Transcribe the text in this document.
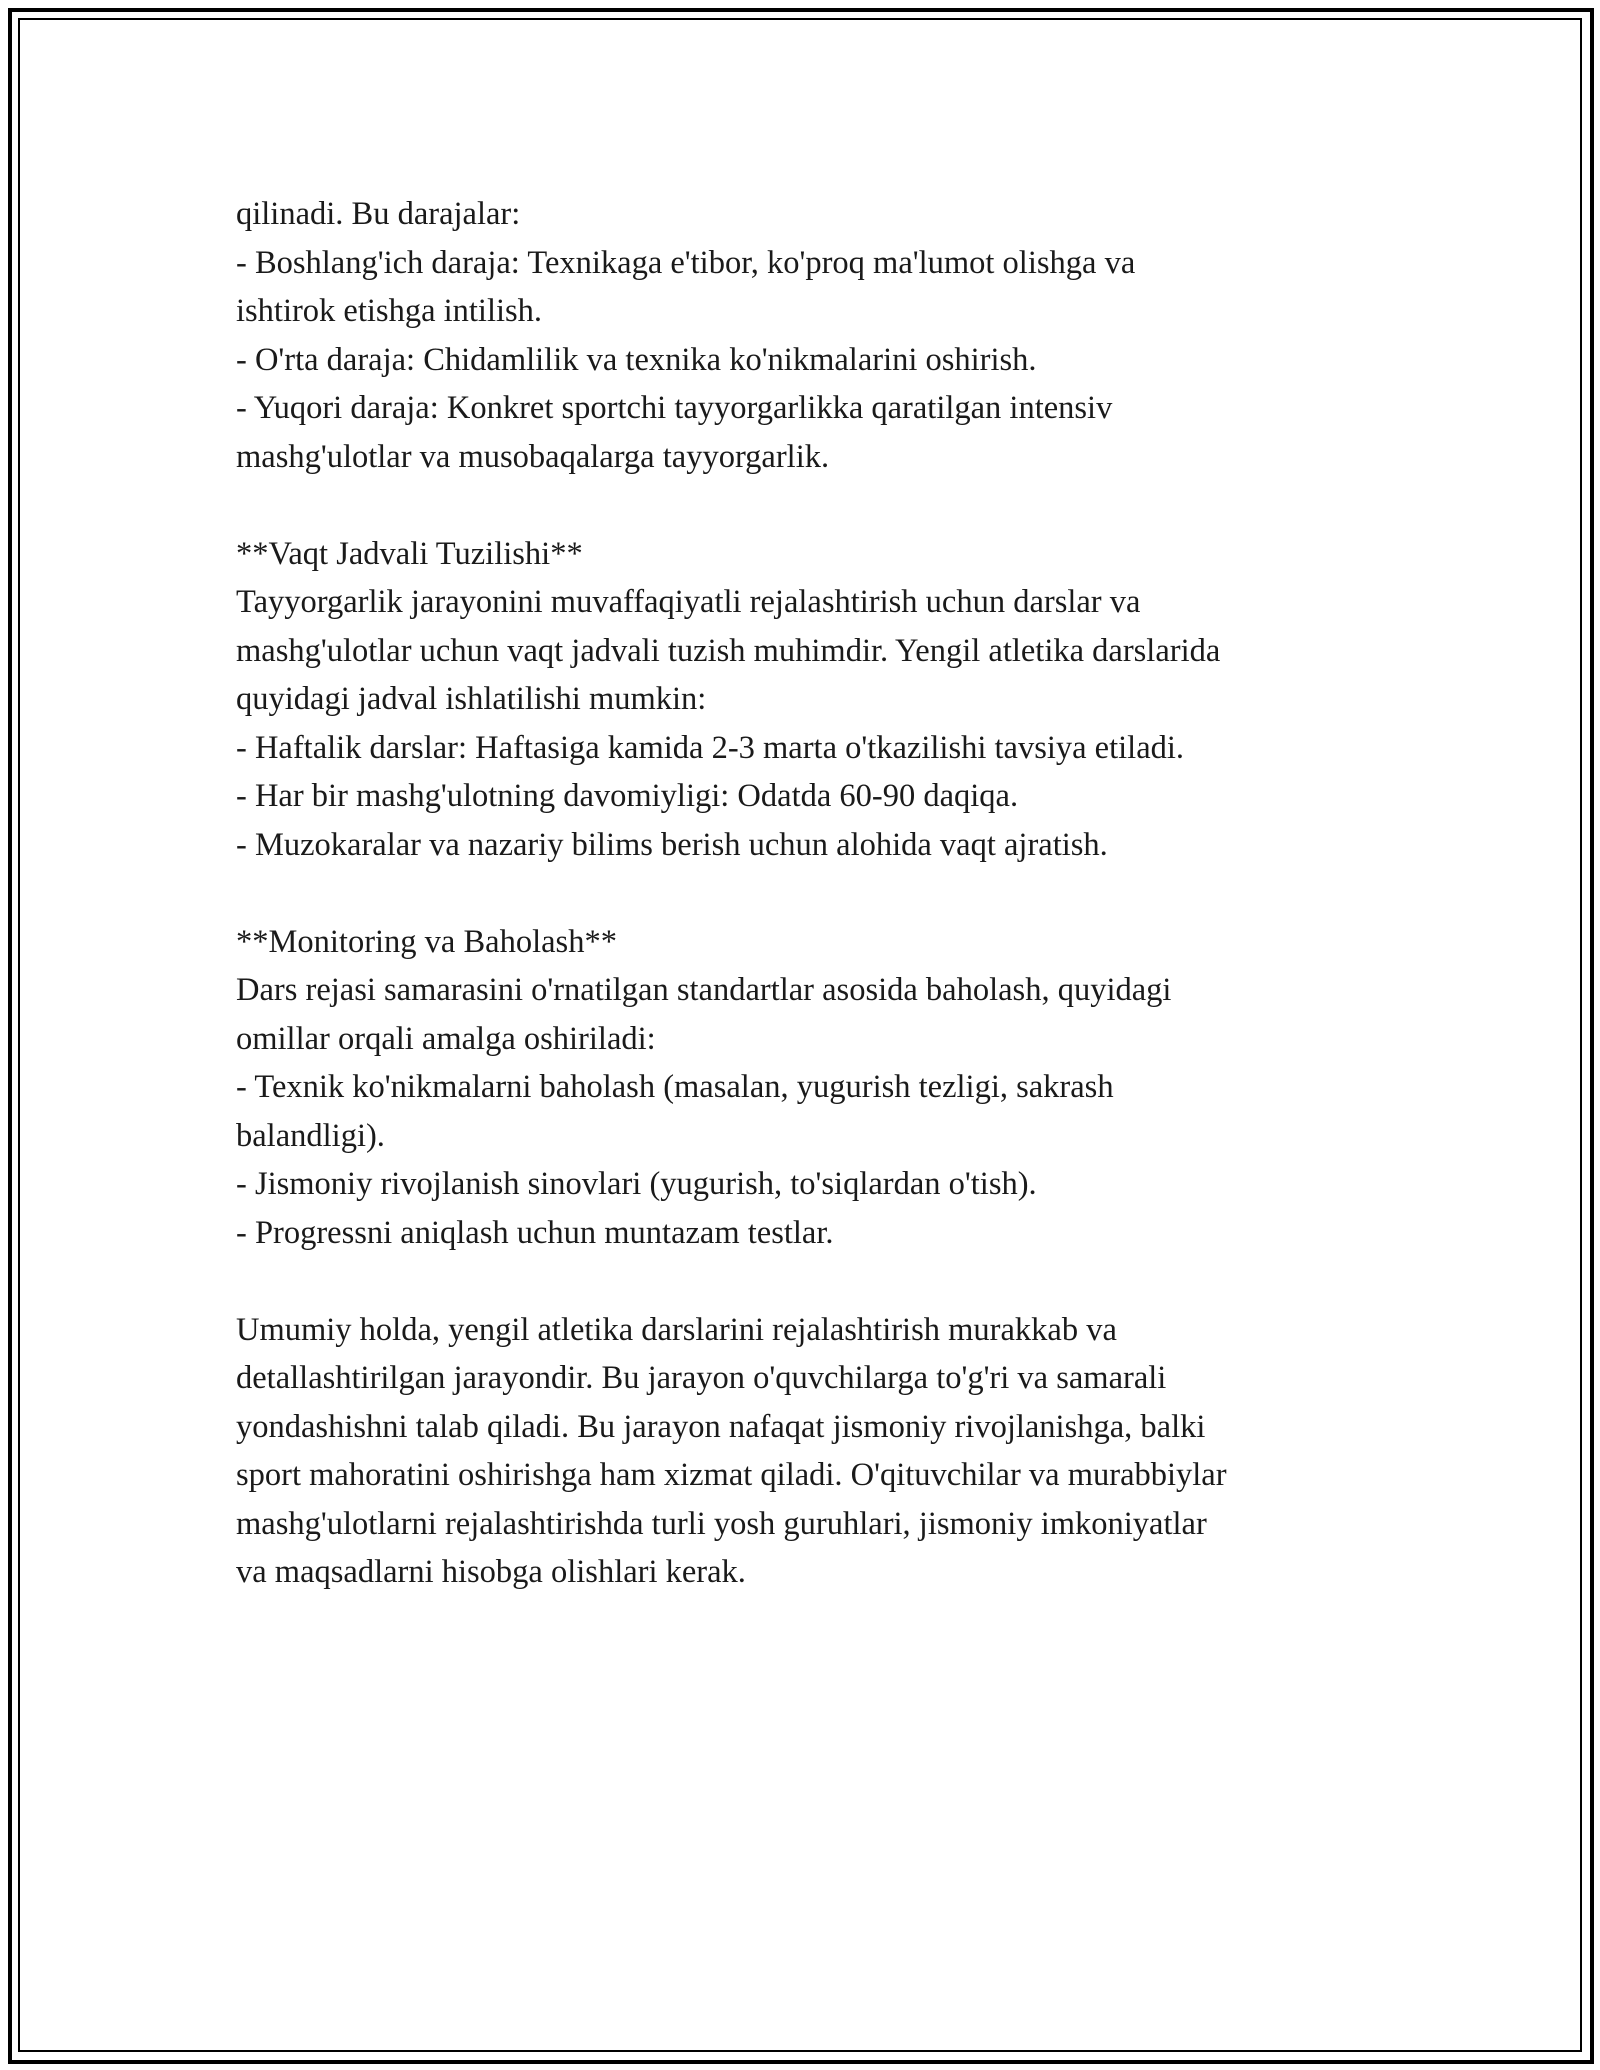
qilinadi. Bu darajalar:
- Boshlang'ich daraja: Texnikaga e'tibor, ko'proq ma'lumot olishga va
ishtirok etishga intilish.
- O'rta daraja: Chidamlilik va texnika ko'nikmalarini oshirish.
- Yuqori daraja: Konkret sportchi tayyorgarlikka qaratilgan intensiv
mashg'ulotlar va musobaqalarga tayyorgarlik.
**Vaqt Jadvali Tuzilishi**
Tayyorgarlik jarayonini muvaffaqiyatli rejalashtirish uchun darslar va
mashg'ulotlar uchun vaqt jadvali tuzish muhimdir. Yengil atletika darslarida
quyidagi jadval ishlatilishi mumkin:
- Haftalik darslar: Haftasiga kamida 2-3 marta o'tkazilishi tavsiya etiladi.
- Har bir mashg'ulotning davomiyligi: Odatda 60-90 daqiqa.
- Muzokaralar va nazariy bilims berish uchun alohida vaqt ajratish.
**Monitoring va Baholash**
Dars rejasi samarasini o'rnatilgan standartlar asosida baholash, quyidagi
omillar orqali amalga oshiriladi:
- Texnik ko'nikmalarni baholash (masalan, yugurish tezligi, sakrash
balandligi).
- Jismoniy rivojlanish sinovlari (yugurish, to'siqlardan o'tish).
- Progressni aniqlash uchun muntazam testlar.
Umumiy holda, yengil atletika darslarini rejalashtirish murakkab va
detallashtirilgan jarayondir. Bu jarayon o'quvchilarga to'g'ri va samarali
yondashishni talab qiladi. Bu jarayon nafaqat jismoniy rivojlanishga, balki
sport mahoratini oshirishga ham xizmat qiladi. O'qituvchilar va murabbiylar
mashg'ulotlarni rejalashtirishda turli yosh guruhlari, jismoniy imkoniyatlar
va maqsadlarni hisobga olishlari kerak.
